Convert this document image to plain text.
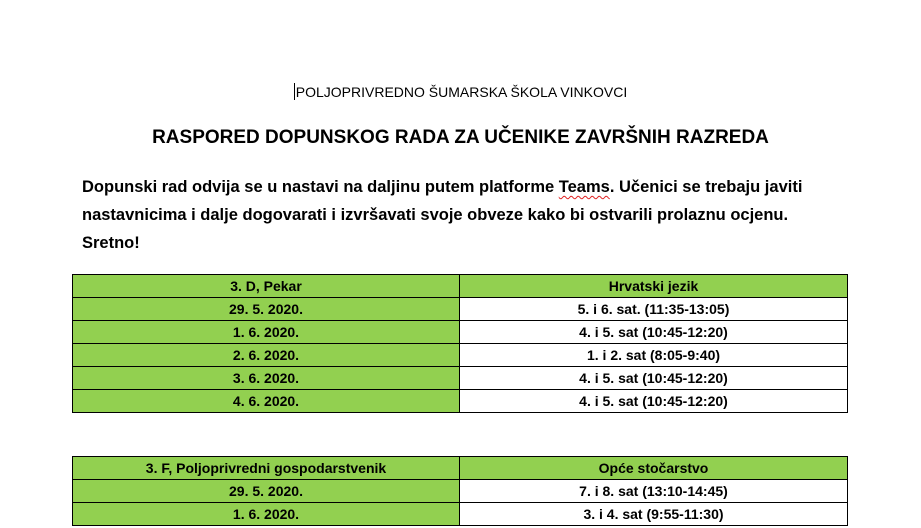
POLJOPRIVREDNO ŠUMARSKA ŠKOLA VINKOVCI
RASPORED DOPUNSKOG RADA ZA UČENIKE ZAVRŠNIH RAZREDA
Dopunski rad odvija se u nastavi na daljinu putem platforme Teams. Učenici se trebaju javiti nastavnicima i dalje dogovarati i izvršavati svoje obveze kako bi ostvarili prolaznu ocjenu. Sretno!
3. D, Pekar	Hrvatski jezik
29. 5. 2020.	5. i 6. sat. (11:35-13:05)
1. 6. 2020.	4. i 5. sat (10:45-12:20)
2. 6. 2020.	1. i 2. sat (8:05-9:40)
3. 6. 2020.	4. i 5. sat (10:45-12:20)
4. 6. 2020.	4. i 5. sat (10:45-12:20)
3. F, Poljoprivredni gospodarstvenik	Opće stočarstvo
29. 5. 2020.	7. i 8. sat (13:10-14:45)
1. 6. 2020.	3. i 4. sat (9:55-11:30)
